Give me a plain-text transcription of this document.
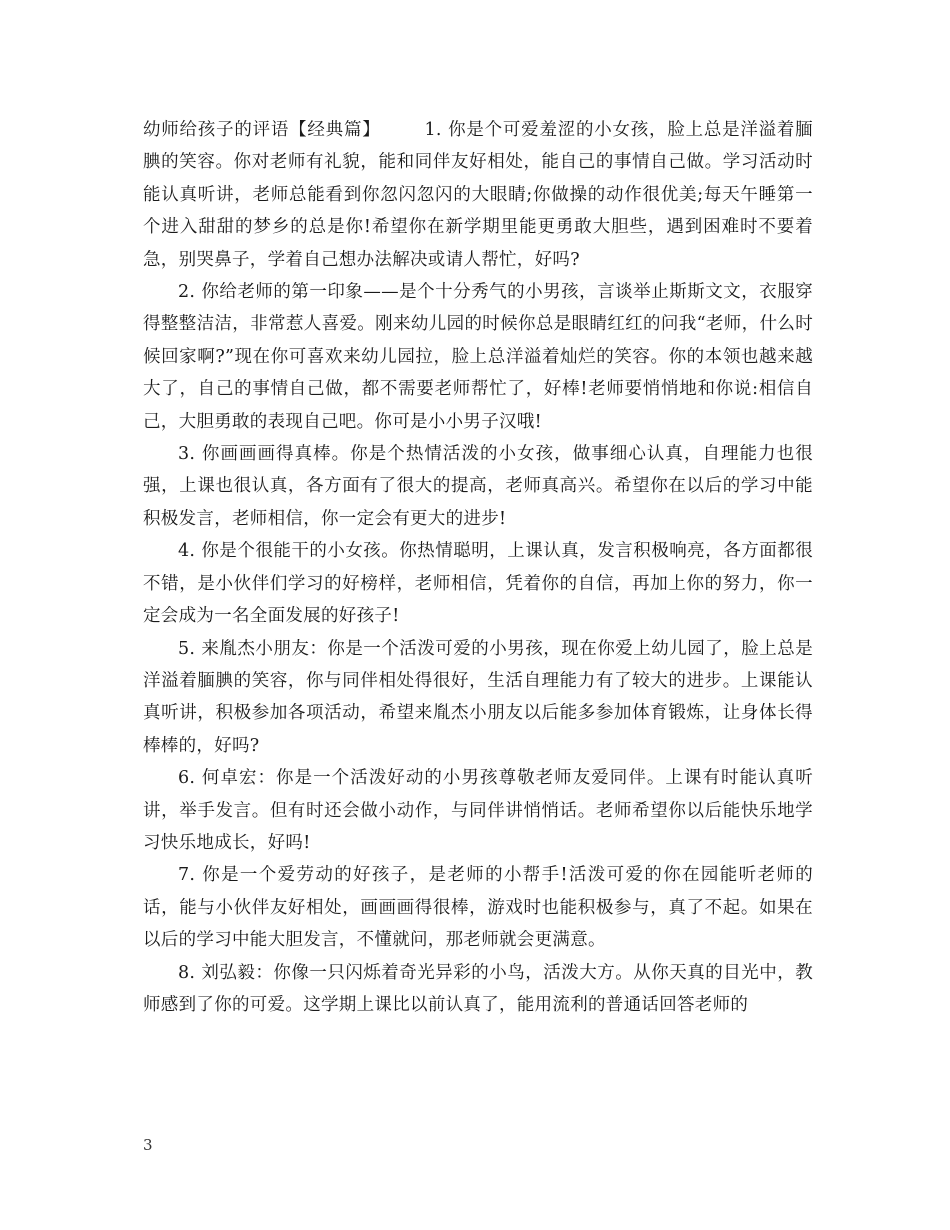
幼师给孩子的评语【经典篇】	1. 你是个可爱羞涩的小女孩，脸上总是洋溢着腼腆的笑容。你对老师有礼貌，能和同伴友好相处，能自己的事情自己做。学习活动时能认真听讲，老师总能看到你忽闪忽闪的大眼睛;你做操的动作很优美;每天午睡第一个进入甜甜的梦乡的总是你!希望你在新学期里能更勇敢大胆些，遇到困难时不要着急，别哭鼻子，学着自己想办法解决或请人帮忙，好吗?

2. 你给老师的第一印象——是个十分秀气的小男孩，言谈举止斯斯文文，衣服穿得整整洁洁，非常惹人喜爱。刚来幼儿园的时候你总是眼睛红红的问我“老师，什么时候回家啊?”现在你可喜欢来幼儿园拉，脸上总洋溢着灿烂的笑容。你的本领也越来越大了，自己的事情自己做，都不需要老师帮忙了，好棒!老师要悄悄地和你说:相信自己，大胆勇敢的表现自己吧。你可是小小男子汉哦!

3. 你画画画得真棒。你是个热情活泼的小女孩，做事细心认真，自理能力也很强，上课也很认真，各方面有了很大的提高，老师真高兴。希望你在以后的学习中能积极发言，老师相信，你一定会有更大的进步!

4. 你是个很能干的小女孩。你热情聪明，上课认真，发言积极响亮，各方面都很不错，是小伙伴们学习的好榜样，老师相信，凭着你的自信，再加上你的努力，你一定会成为一名全面发展的好孩子!

5. 来胤杰小朋友：你是一个活泼可爱的小男孩，现在你爱上幼儿园了，脸上总是洋溢着腼腆的笑容，你与同伴相处得很好，生活自理能力有了较大的进步。上课能认真听讲，积极参加各项活动，希望来胤杰小朋友以后能多参加体育锻炼，让身体长得棒棒的，好吗?

6. 何卓宏：你是一个活泼好动的小男孩尊敬老师友爱同伴。上课有时能认真听讲，举手发言。但有时还会做小动作，与同伴讲悄悄话。老师希望你以后能快乐地学习快乐地成长，好吗!

7. 你是一个爱劳动的好孩子，是老师的小帮手!活泼可爱的你在园能听老师的话，能与小伙伴友好相处，画画画得很棒，游戏时也能积极参与，真了不起。如果在以后的学习中能大胆发言，不懂就问，那老师就会更满意。

8. 刘弘毅：你像一只闪烁着奇光异彩的小鸟，活泼大方。从你天真的目光中，教师感到了你的可爱。这学期上课比以前认真了，能用流利的普通话回答老师的

3
